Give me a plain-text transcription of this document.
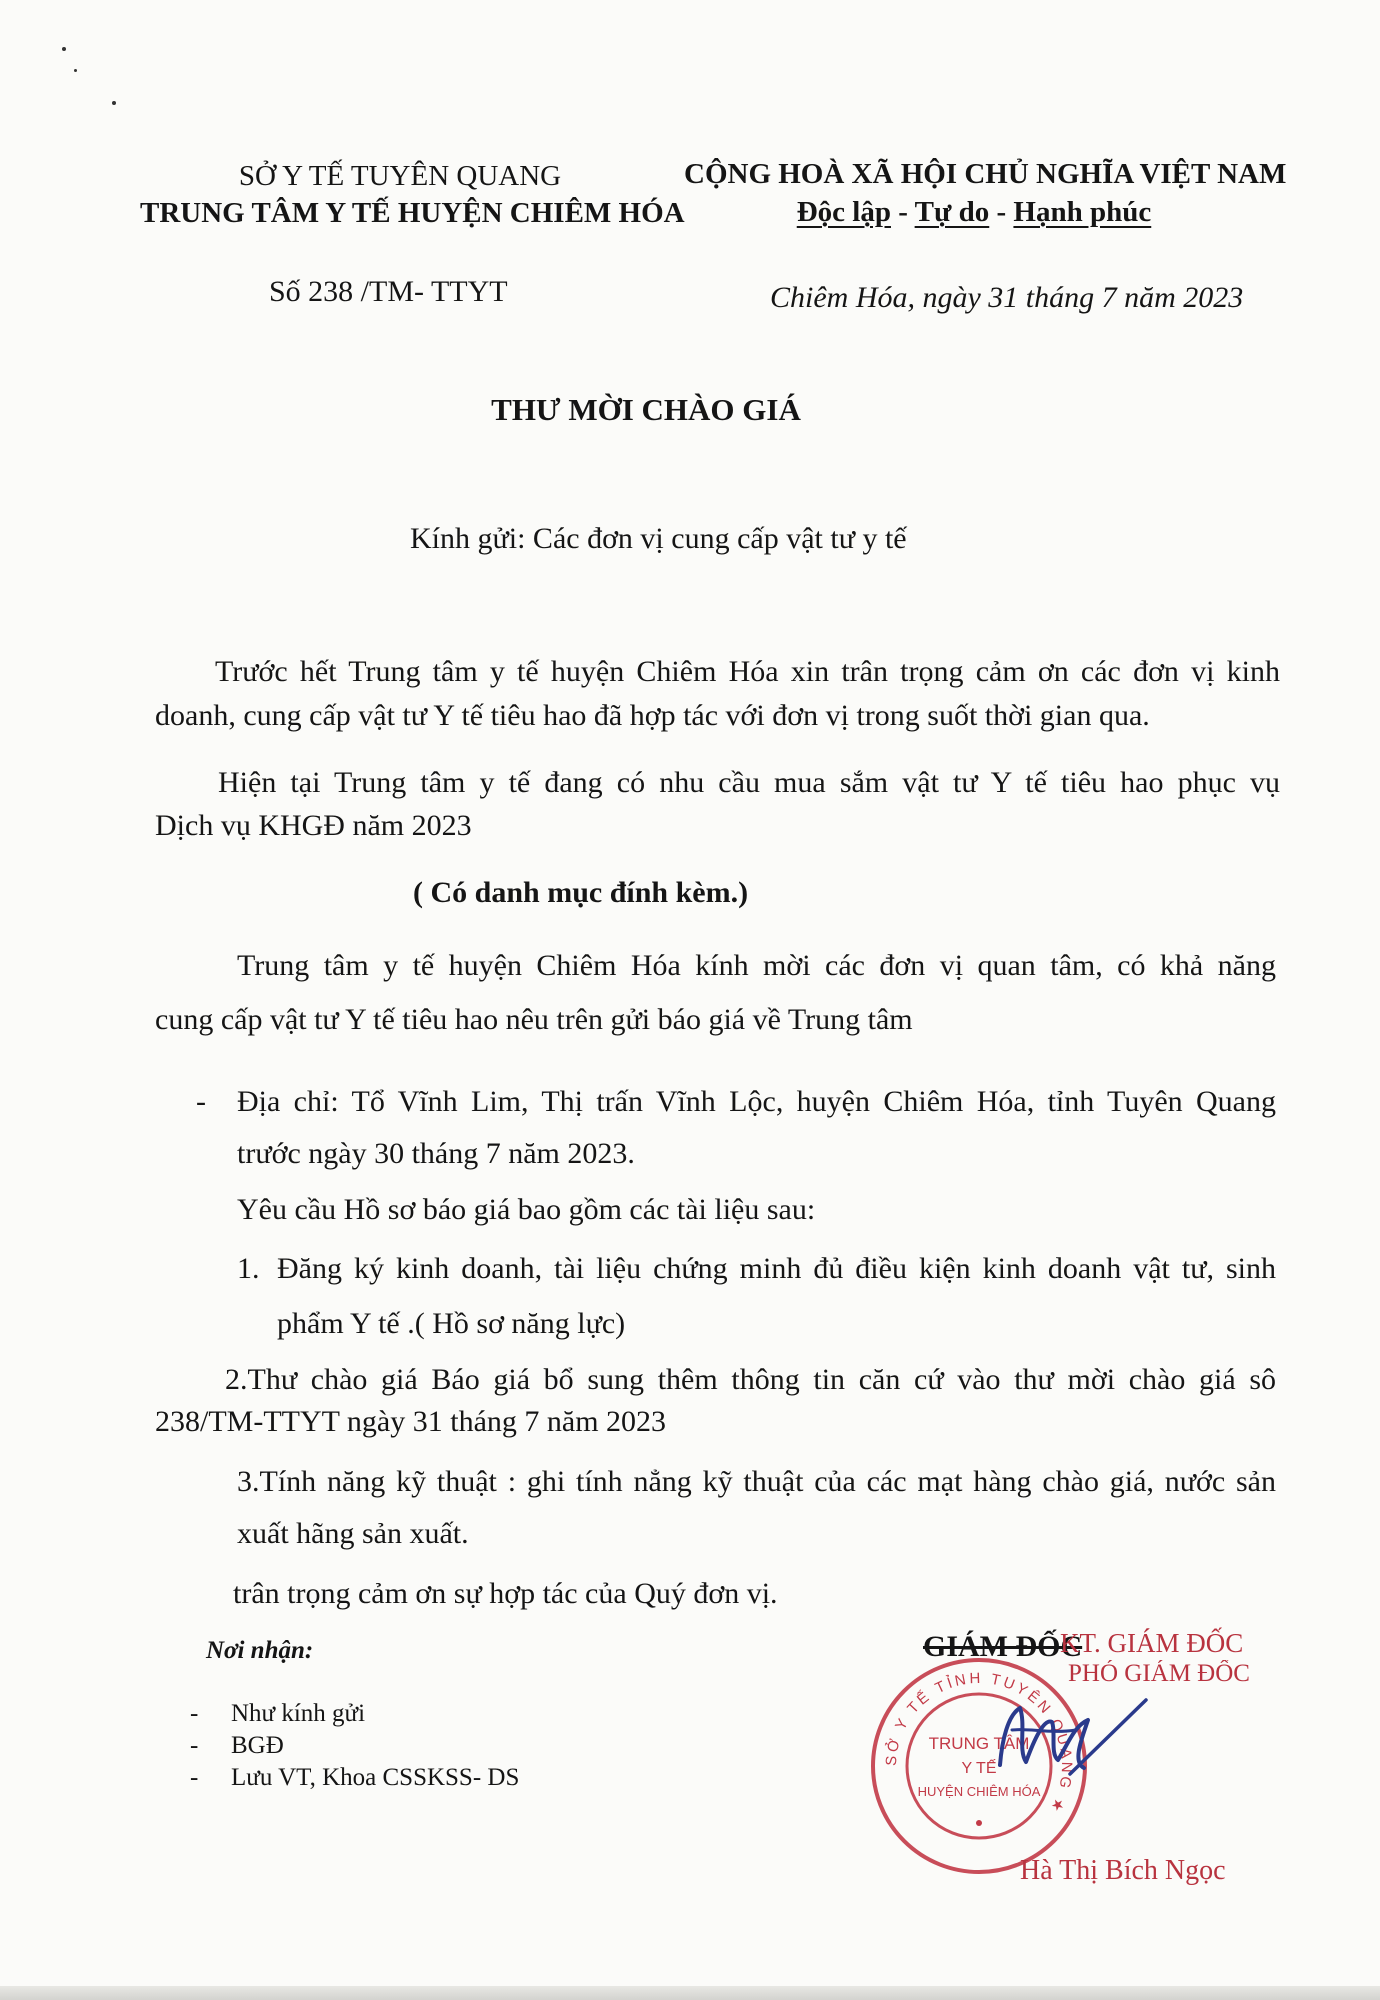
SỞ Y TẾ TUYÊN QUANG
TRUNG TÂM Y TẾ HUYỆN CHIÊM HÓA
Số 238 /TM- TTYT
CỘNG HOÀ XÃ HỘI CHỦ NGHĨA VIỆT NAM
Độc lập - Tự do - Hạnh phúc
Chiêm Hóa, ngày 31 tháng 7 năm 2023
THƯ MỜI CHÀO GIÁ
Kính gửi: Các đơn vị cung cấp vật tư y tế
Trước hết Trung tâm y tế huyện Chiêm Hóa xin trân trọng cảm ơn các đơn vị kinh
doanh, cung cấp vật tư Y tế tiêu hao đã hợp tác với đơn vị trong suốt thời gian qua.
Hiện tại Trung tâm y tế đang có nhu cầu mua sắm vật tư Y tế tiêu hao phục vụ
Dịch vụ KHGĐ năm 2023
( Có danh mục đính kèm.)
Trung tâm y tế huyện Chiêm Hóa kính mời các đơn vị quan tâm, có khả năng
cung cấp vật tư Y tế tiêu hao nêu trên gửi báo giá về Trung tâm
- Địa chỉ: Tổ Vĩnh Lim, Thị trấn Vĩnh Lộc, huyện Chiêm Hóa, tỉnh Tuyên Quang
trước ngày 30 tháng 7 năm 2023.
Yêu cầu Hồ sơ báo giá bao gồm các tài liệu sau:
1. Đăng ký kinh doanh, tài liệu chứng minh đủ điều kiện kinh doanh vật tư, sinh
phẩm Y tế .( Hồ sơ năng lực)
2.Thư chào giá Báo giá bổ sung thêm thông tin căn cứ vào thư mời chào giá sô
238/TM-TTYT ngày 31 tháng 7 năm 2023
3.Tính năng kỹ thuật : ghi tính nẳng kỹ thuật của các mạt hàng chào giá, nước sản
xuất hãng sản xuất.
trân trọng cảm ơn sự hợp tác của Quý đơn vị.
Nơi nhận:
- Như kính gửi
- BGĐ
- Lưu VT, Khoa CSSKSS- DS
GIÁM ĐỐC
KT. GIÁM ĐỐC
PHÓ GIÁM ĐỐC
SỞ Y TẾ TỈNH TUYÊN QUANG ★
TRUNG TÂM
Y TẾ
HUYỆN CHIÊM HÓA
Hà Thị Bích Ngọc
